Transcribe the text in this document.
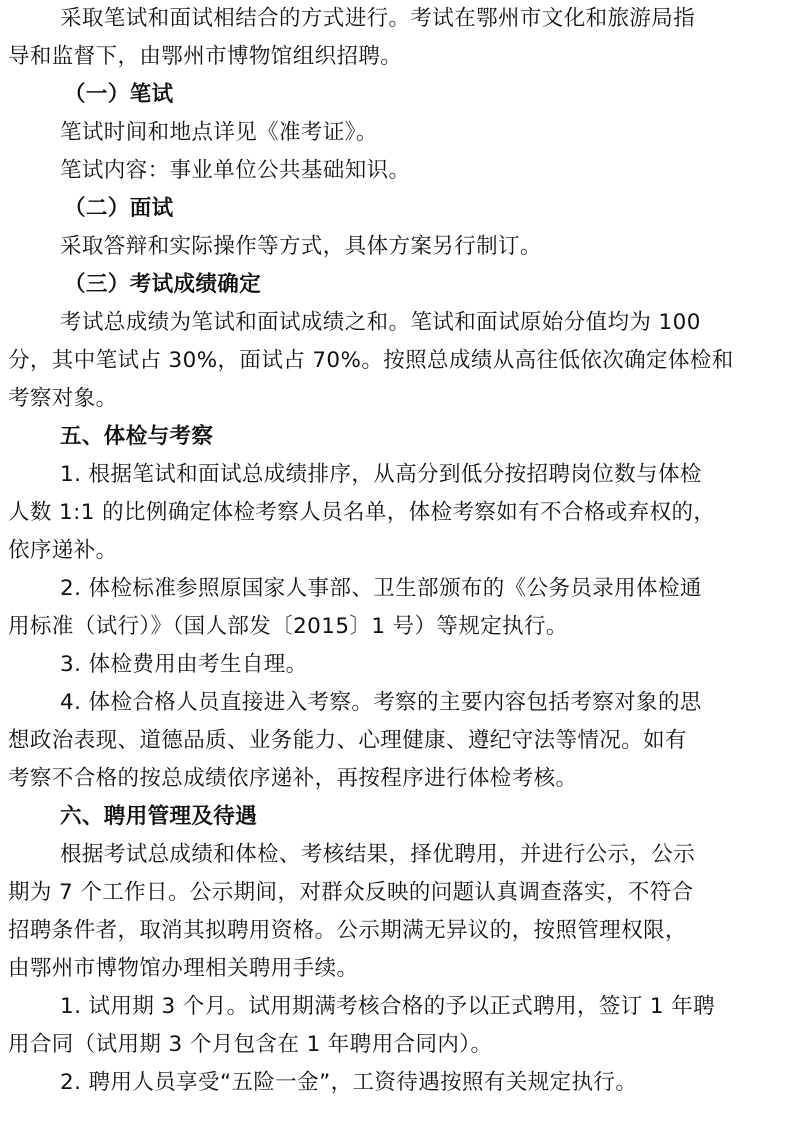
采取笔试和面试相结合的方式进行。考试在鄂州市文化和旅游局指
导和监督下，由鄂州市博物馆组织招聘。
（一）笔试
笔试时间和地点详见《准考证》。
笔试内容：事业单位公共基础知识。
（二）面试
采取答辩和实际操作等方式，具体方案另行制订。
（三）考试成绩确定
考试总成绩为笔试和面试成绩之和。笔试和面试原始分值均为 100
分，其中笔试占 30%，面试占 70%。按照总成绩从高往低依次确定体检和
考察对象。
五、体检与考察
1. 根据笔试和面试总成绩排序，从高分到低分按招聘岗位数与体检
人数 1:1 的比例确定体检考察人员名单，体检考察如有不合格或弃权的，
依序递补。
2. 体检标准参照原国家人事部、卫生部颁布的《公务员录用体检通
用标准（试行）》（国人部发〔2015〕1 号）等规定执行。
3. 体检费用由考生自理。
4. 体检合格人员直接进入考察。考察的主要内容包括考察对象的思
想政治表现、道德品质、业务能力、心理健康、遵纪守法等情况。如有
考察不合格的按总成绩依序递补，再按程序进行体检考核。
六、聘用管理及待遇
根据考试总成绩和体检、考核结果，择优聘用，并进行公示，公示
期为 7 个工作日。公示期间，对群众反映的问题认真调查落实，不符合
招聘条件者，取消其拟聘用资格。公示期满无异议的，按照管理权限，
由鄂州市博物馆办理相关聘用手续。
1. 试用期 3 个月。试用期满考核合格的予以正式聘用，签订 1 年聘
用合同（试用期 3 个月包含在 1 年聘用合同内）。
2. 聘用人员享受“五险一金”，工资待遇按照有关规定执行。
